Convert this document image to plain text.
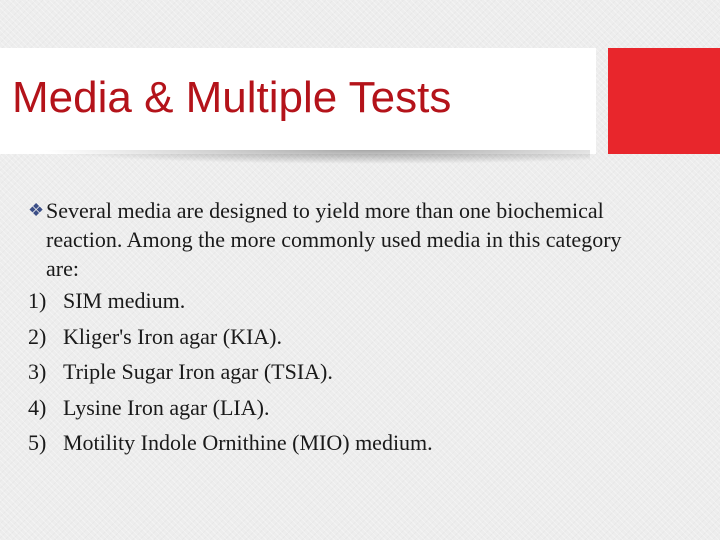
Media & Multiple Tests
❖ Several media are designed to yield more than one biochemical reaction. Among the more commonly used media in this category are:
1) SIM medium.
2) Kliger's Iron agar (KIA).
3) Triple Sugar Iron agar (TSIA).
4) Lysine Iron agar (LIA).
5) Motility Indole Ornithine (MIO) medium.
